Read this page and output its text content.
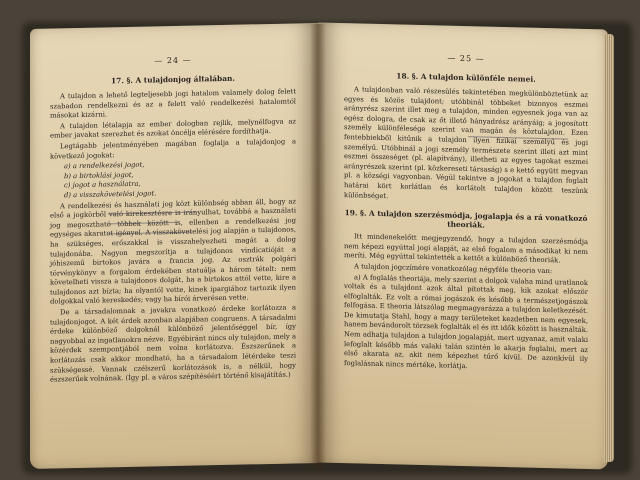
— 24 —
17. §. A tulajdonjog általában.

A tulajdon a lehető legteljesebb jogi hatalom valamely dolog felett szabadon rendelkezni és az a felett való rendelkezési hatalomtól másokat kizárni.

A tulajdon létalapja az ember dologban rejlik, melynélfogva az ember javakat szerezhet és azokat öncélja elérésére fordíthatja.

Legtágabb jelentményében magában foglalja a tulajdonjog a következő jogokat:

a) a rendelkezési jogot,
b) a birtoklási jogot,
c) jogot a használatra,
d) a visszakövetelési jogot.

A rendelkezési és használati jog közt különbség abban áll, hogy az első a jogkörből való kirekesztésre is irányulhat, továbbá a használati jog megosztható többek között is, ellenben a rendelkezési jog egységes akaratot igényel. A visszakövetelési jog alapján a tulajdonos, ha szükséges, erőszakkal is visszahelyezheti magát a dolog tulajdonába. Nagyon megszorítja a tulajdonos vindicatióját a jóhiszemű birtokos javára a francia jog. Az osztrák polgári törvénykönyv a forgalom érdekében statuálja a három tételt: nem követelheti vissza a tulajdonos dolgát, ha a birtokos attól vette, kire a tulajdonos azt bízta; ha olyantól vette, kinek ipargiához tartozik ilyen dolgokkal való kereskedés; vagy ha bírói árverésen vette.

De a társadalomnak a javakra vonatkozó érdeke korlátozza a tulajdonjogot. A két érdek azonban alapjában congruens. A társadalmi érdeke különböző dolgoknál különböző jelentőséggel bír, így nagyobbal az ingatlanokra nézve. Egyébiránt nincs oly tulajdon, mely a közérdek szempontjából nem volna korlátozva. Észszerűnek a korlátozás csak akkor mondható, ha a társadalom létérdeke teszi szükségessé. Vannak czélszerű korlátozások is, a nélkül, hogy észszerűek volnának. (Így pl. a város szépítéséért történő kisajátítás.)

— 25 —
18. §. A tulajdon különféle nemei.

A tulajdonban való részesülés tekintetében megkülönböztetünk az egyes és közös tulajdont; utóbbinál többeket bizonyos eszmei arányrész szerint illet meg a tulajdon, minden egyesnek joga van az egész dologra, de csak az őt illető hányadrész arányáig; a jogosított személy különfélesége szerint van magán és köztulajdon. Ezen fentebbiekből kitűnik a tulajdon ilyen fizikai személyű és jogi személyű. Utóbbinál a jogi személy természete szerint illeti azt mint eszmei összeséget (pl. alapítvány), illetheti az egyes tagokat eszmei arányrészek szerint (pl. közkereseti társaság) s e kettő együtt megvan pl. a községi vagyonban. Végül tekintve a jogokat a tulajdon foglalt határai kört korlátlan és korlátolt tulajdon között teszünk különbséget.

19. §. A tulajdon szerzésmódja, jogalapja és a rá vonatkozó theoriák.

Itt mindenekelőtt megjegyzendő, hogy a tulajdon szerzésmódja nem képezi egyúttal jogi alapját, az első fogalom a másodikat ki nem meríti. Még egyúttal tekintették a kettőt a különböző theoriák.

A tulajdon jogczímére vonatkozólag négyféle theoria van:

a) A foglalás theoriája, mely szerint a dolgok valaha mind uratlanok voltak és a tulajdont azok által pítottak meg, kik azokat először elfoglalták. Ez volt a római jogászok és később a természetjogászok felfogása. E theoria látszólag megmagyarázza a tulajdon keletkezését. De kimutatja Stahl, hogy a magy területeket kezdetben nem egyesek, hanem bevándorolt törzsek foglalták el és itt idők között is használták. Nem adhatja tulajdon a tulajdon jogalapját, mert ugyanaz, amit valaki lefoglalt később más valaki talán szintén le akarja foglalni, mert az első akarata az, akit nem képezhet tűrő kívül. De azonkívül ily foglalásnak nincs mértéke, korlátja.
